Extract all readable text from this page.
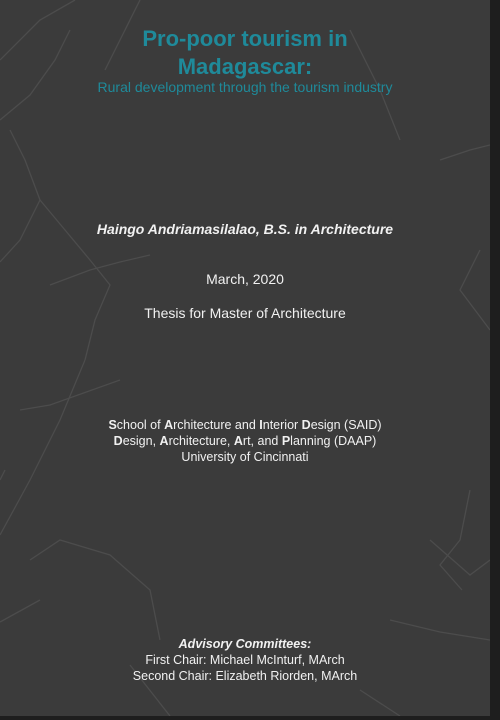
Pro-poor tourism in
Madagascar:
Rural development through the tourism industry
Haingo Andriamasilalao, B.S. in Architecture
March, 2020
Thesis for Master of Architecture
School of Architecture and Interior Design (SAID)
Design, Architecture, Art, and Planning (DAAP)
University of Cincinnati
Advisory Committees:
First Chair: Michael McInturf, MArch
Second Chair: Elizabeth Riorden, MArch
